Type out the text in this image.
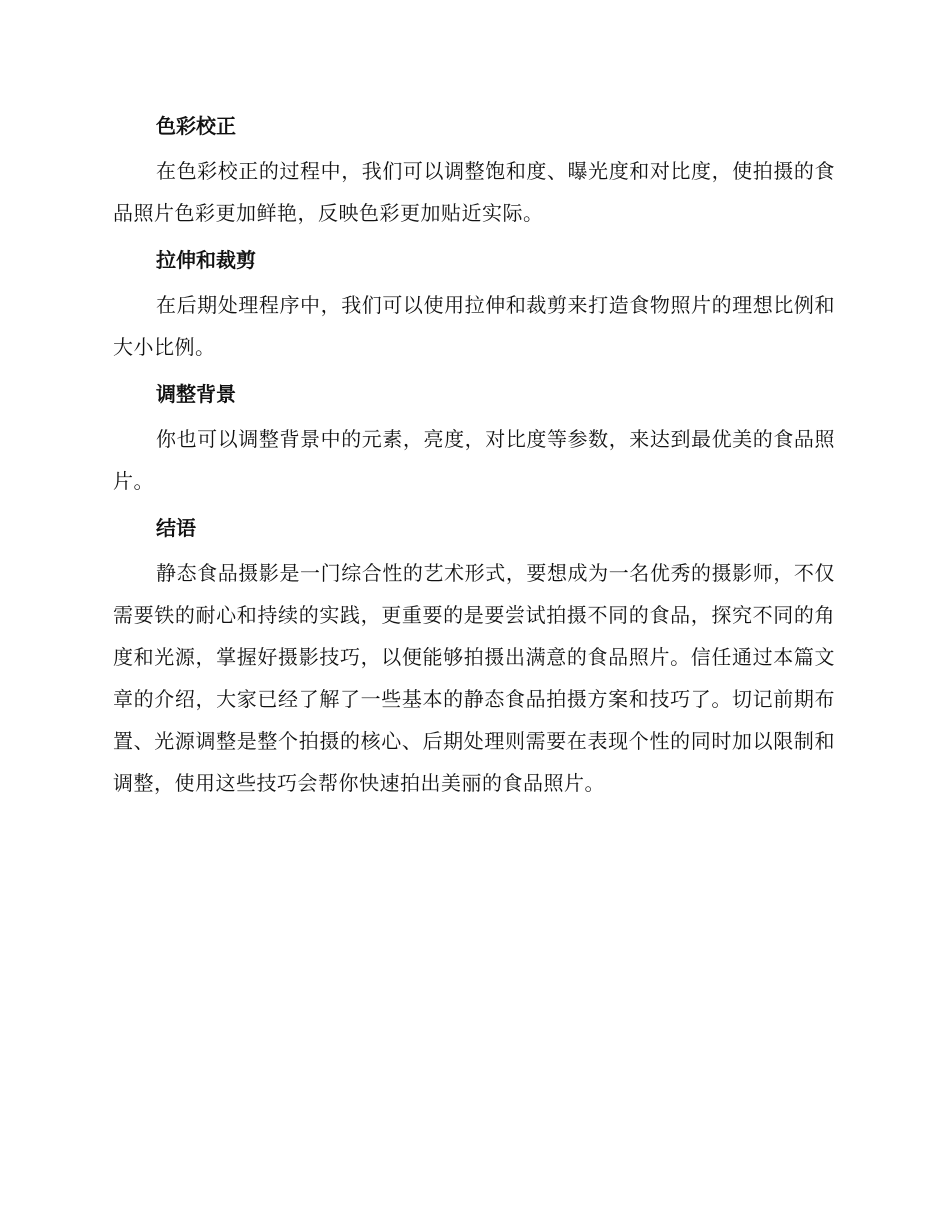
色彩校正

在色彩校正的过程中，我们可以调整饱和度、曝光度和对比度，使拍摄的食品照片色彩更加鲜艳，反映色彩更加贴近实际。

拉伸和裁剪

在后期处理程序中，我们可以使用拉伸和裁剪来打造食物照片的理想比例和大小比例。

调整背景

你也可以调整背景中的元素，亮度，对比度等参数，来达到最优美的食品照片。

结语

静态食品摄影是一门综合性的艺术形式，要想成为一名优秀的摄影师，不仅需要铁的耐心和持续的实践，更重要的是要尝试拍摄不同的食品，探究不同的角度和光源，掌握好摄影技巧，以便能够拍摄出满意的食品照片。信任通过本篇文章的介绍，大家已经了解了一些基本的静态食品拍摄方案和技巧了。切记前期布置、光源调整是整个拍摄的核心、后期处理则需要在表现个性的同时加以限制和调整，使用这些技巧会帮你快速拍出美丽的食品照片。
